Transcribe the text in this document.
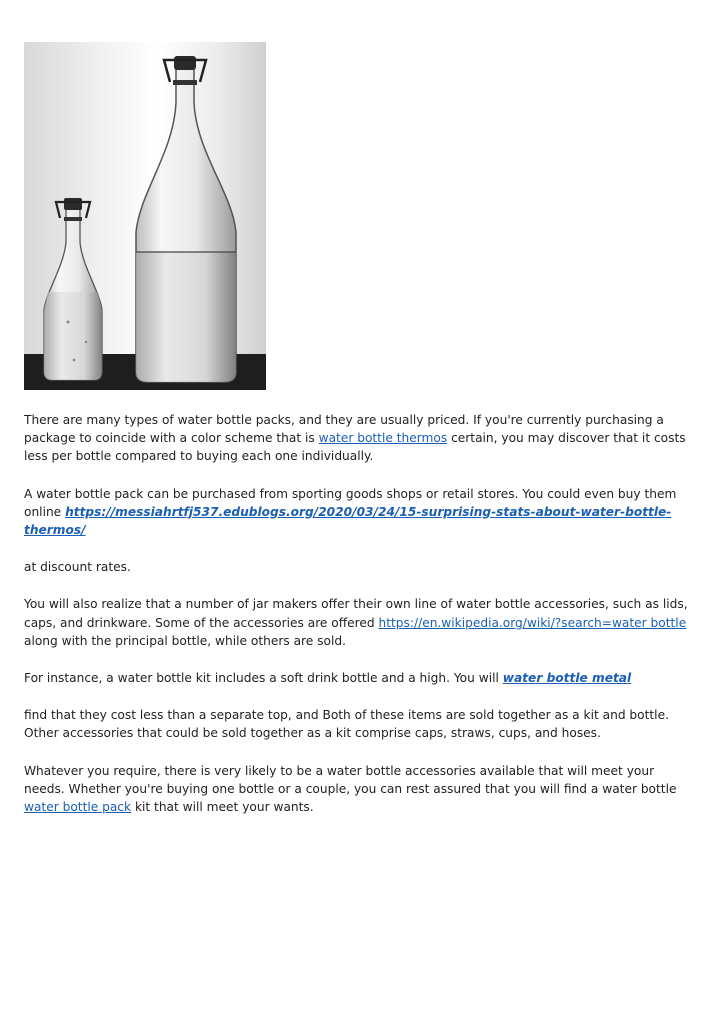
There are many types of water bottle packs, and they are usually priced. If you're currently purchasing a package to coincide with a color scheme that is water bottle thermos certain, you may discover that it costs less per bottle compared to buying each one individually.

A water bottle pack can be purchased from sporting goods shops or retail stores. You could even buy them online https://messiahrtfj537.edublogs.org/2020/03/24/15-surprising-stats-about-water-bottle-thermos/

at discount rates.

You will also realize that a number of jar makers offer their own line of water bottle accessories, such as lids, caps, and drinkware. Some of the accessories are offered https://en.wikipedia.org/wiki/?search=water bottle along with the principal bottle, while others are sold.

For instance, a water bottle kit includes a soft drink bottle and a high. You will water bottle metal

find that they cost less than a separate top, and Both of these items are sold together as a kit and bottle. Other accessories that could be sold together as a kit comprise caps, straws, cups, and hoses.

Whatever you require, there is very likely to be a water bottle accessories available that will meet your needs. Whether you're buying one bottle or a couple, you can rest assured that you will find a water bottle water bottle pack kit that will meet your wants.
